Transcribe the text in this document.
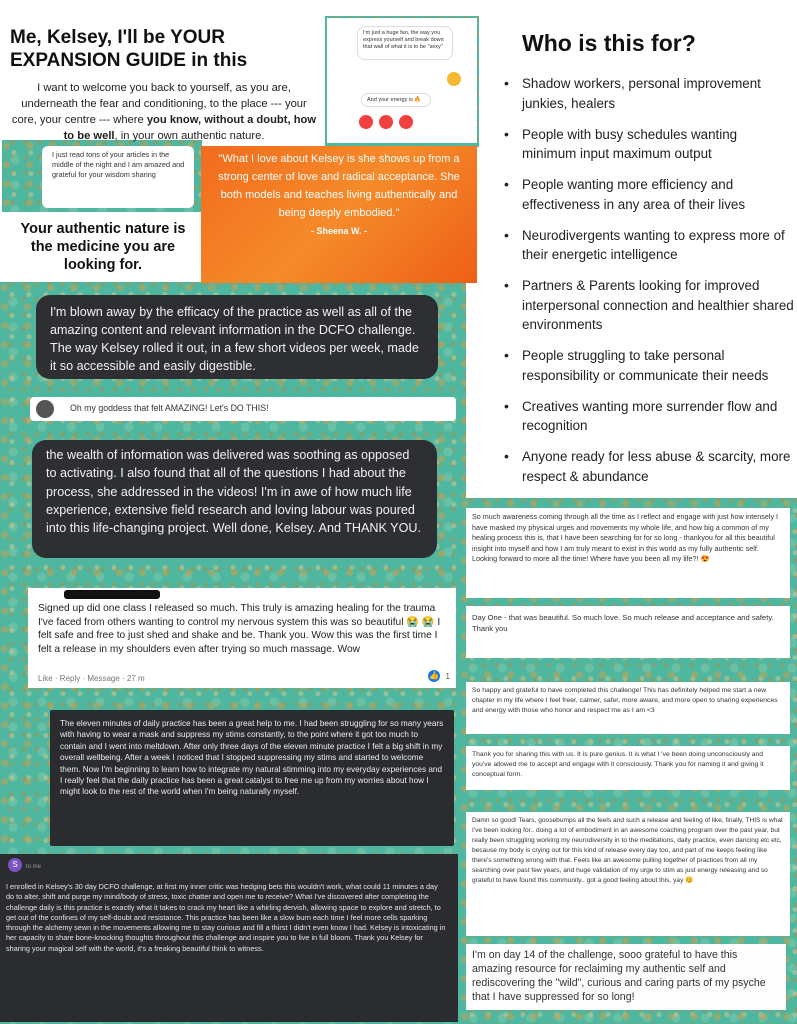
Me, Kelsey, I'll be YOUR EXPANSION GUIDE in this
I want to welcome you back to yourself, as you are, underneath the fear and conditioning, to the place --- your core, your centre --- where you know, without a doubt, how to be well, in your own authentic nature.
I'm just a huge fan, the way you express yourself and break down that wall of what it is to be "sexy"
And your energy is 🔥
I just read tons of your articles in the middle of the night and I am amazed and grateful for your wisdom sharing
Your authentic nature is the medicine you are looking for.
"What I love about Kelsey is she shows up from a strong center of love and radical acceptance. She both models and teaches living authentically and being deeply embodied."
- Sheena W. -
Who is this for?
• Shadow workers, personal improvement junkies, healers
• People with busy schedules wanting minimum input maximum output
• People wanting more efficiency and effectiveness in any area of their lives
• Neurodivergents wanting to express more of their energetic intelligence
• Partners & Parents looking for improved interpersonal connection and healthier shared environments
• People struggling to take personal responsibility or communicate their needs
• Creatives wanting more surrender flow and recognition
• Anyone ready for less abuse & scarcity, more respect & abundance
I'm blown away by the efficacy of the practice as well as all of the amazing content and relevant information in the DCFO challenge. The way Kelsey rolled it out, in a few short videos per week, made it so accessible and easily digestible.
Oh my goddess that felt AMAZING! Let's DO THIS!
the wealth of information was delivered was soothing as opposed to activating. I also found that all of the questions I had about the process, she addressed in the videos! I'm in awe of how much life experience, extensive field research and loving labour was poured into this life-changing project. Well done, Kelsey. And THANK YOU.
Signed up did one class I released so much. This truly is amazing healing for the trauma I've faced from others wanting to control my nervous system this was so beautiful 😭 😭 I felt safe and free to just shed and shake and be. Thank you. Wow this was the first time I felt a release in my shoulders even after trying so much massage. Wow
Like · Reply · Message · 27 m	👍 1
The eleven minutes of daily practice has been a great help to me. I had been struggling for so many years with having to wear a mask and suppress my stims constantly, to the point where it got too much to contain and I went into meltdown. After only three days of the eleven minute practice I felt a big shift in my overall wellbeing. After a week I noticed that I stopped suppressing my stims and started to welcome them. Now I'm beginning to learn how to integrate my natural stimming into my everyday experiences and I really feel that the daily practice has been a great catalyst to free me up from my worries about how I might look to the rest of the world when I'm being naturally myself.
S	to me
I enrolled in Kelsey's 30 day DCFO challenge, at first my inner critic was hedging bets this wouldn't work, what could 11 minutes a day do to alter, shift and purge my mind/body of stress, toxic chatter and open me to receive? What I've discovered after completing the challenge daily is this practice is exactly what it takes to crack my heart like a whirling dervish, allowing space to explore and stretch, to get out of the confines of my self-doubt and resistance. This practice has been like a slow burn each time I feel more cells sparking through the alchemy sewn in the movements allowing me to stay curious and fill a thirst I didn't even know I had. Kelsey is intoxicating in her capacity to share bone-knocking thoughts throughout this challenge and inspire you to live in full bloom. Thank you Kelsey for sharing your magical self with the world, it's a freaking beautiful think to witness.
So much awareness coming through all the time as I reflect and engage with just how intensely I have masked my physical urges and movements my whole life, and how big a common of my healing process this is, that I have been searching for for so long - thankyou for all this beautiful insight into myself and how I am truly meant to exist in this world as my fully authentic self. Looking forward to more all the time! Where have you been all my life?! 😍
Day One - that was beautiful. So much love. So much release and acceptance and safety. Thank you
So happy and grateful to have completed this challenge! This has definitely helped me start a new chapter in my life where I feel freer, calmer, safer, more aware, and more open to sharing experiences and energy with those who honor and respect me as I am <3
Thank you for sharing this with us. It is pure genius. It is what I 've been doing unconsciously and you've allowed me to accept and engage with it consciously. Thank you for naming it and giving it conceptual form.
Damn so good! Tears, goosebumps all the feels and such a release and feeling of like, finally, THIS is what I've been looking for.. doing a lot of embodiment in an awesome coaching program over the past year, but really been struggling working my neurodiversity in to the meditations, daily practice, even dancing etc etc, because my body is crying out for this kind of release every day too, and part of me keeps feeling like there's something wrong with that. Feels like an awesome pulling together of practices from all my searching over past few years, and huge validation of my urge to stim as just energy releasing and so grateful to have found this community.. got a good feeling about this, yay 😊
I'm on day 14 of the challenge, sooo grateful to have this amazing resource for reclaiming my authentic self and rediscovering the "wild", curious and caring parts of my psyche that I have suppressed for so long!
